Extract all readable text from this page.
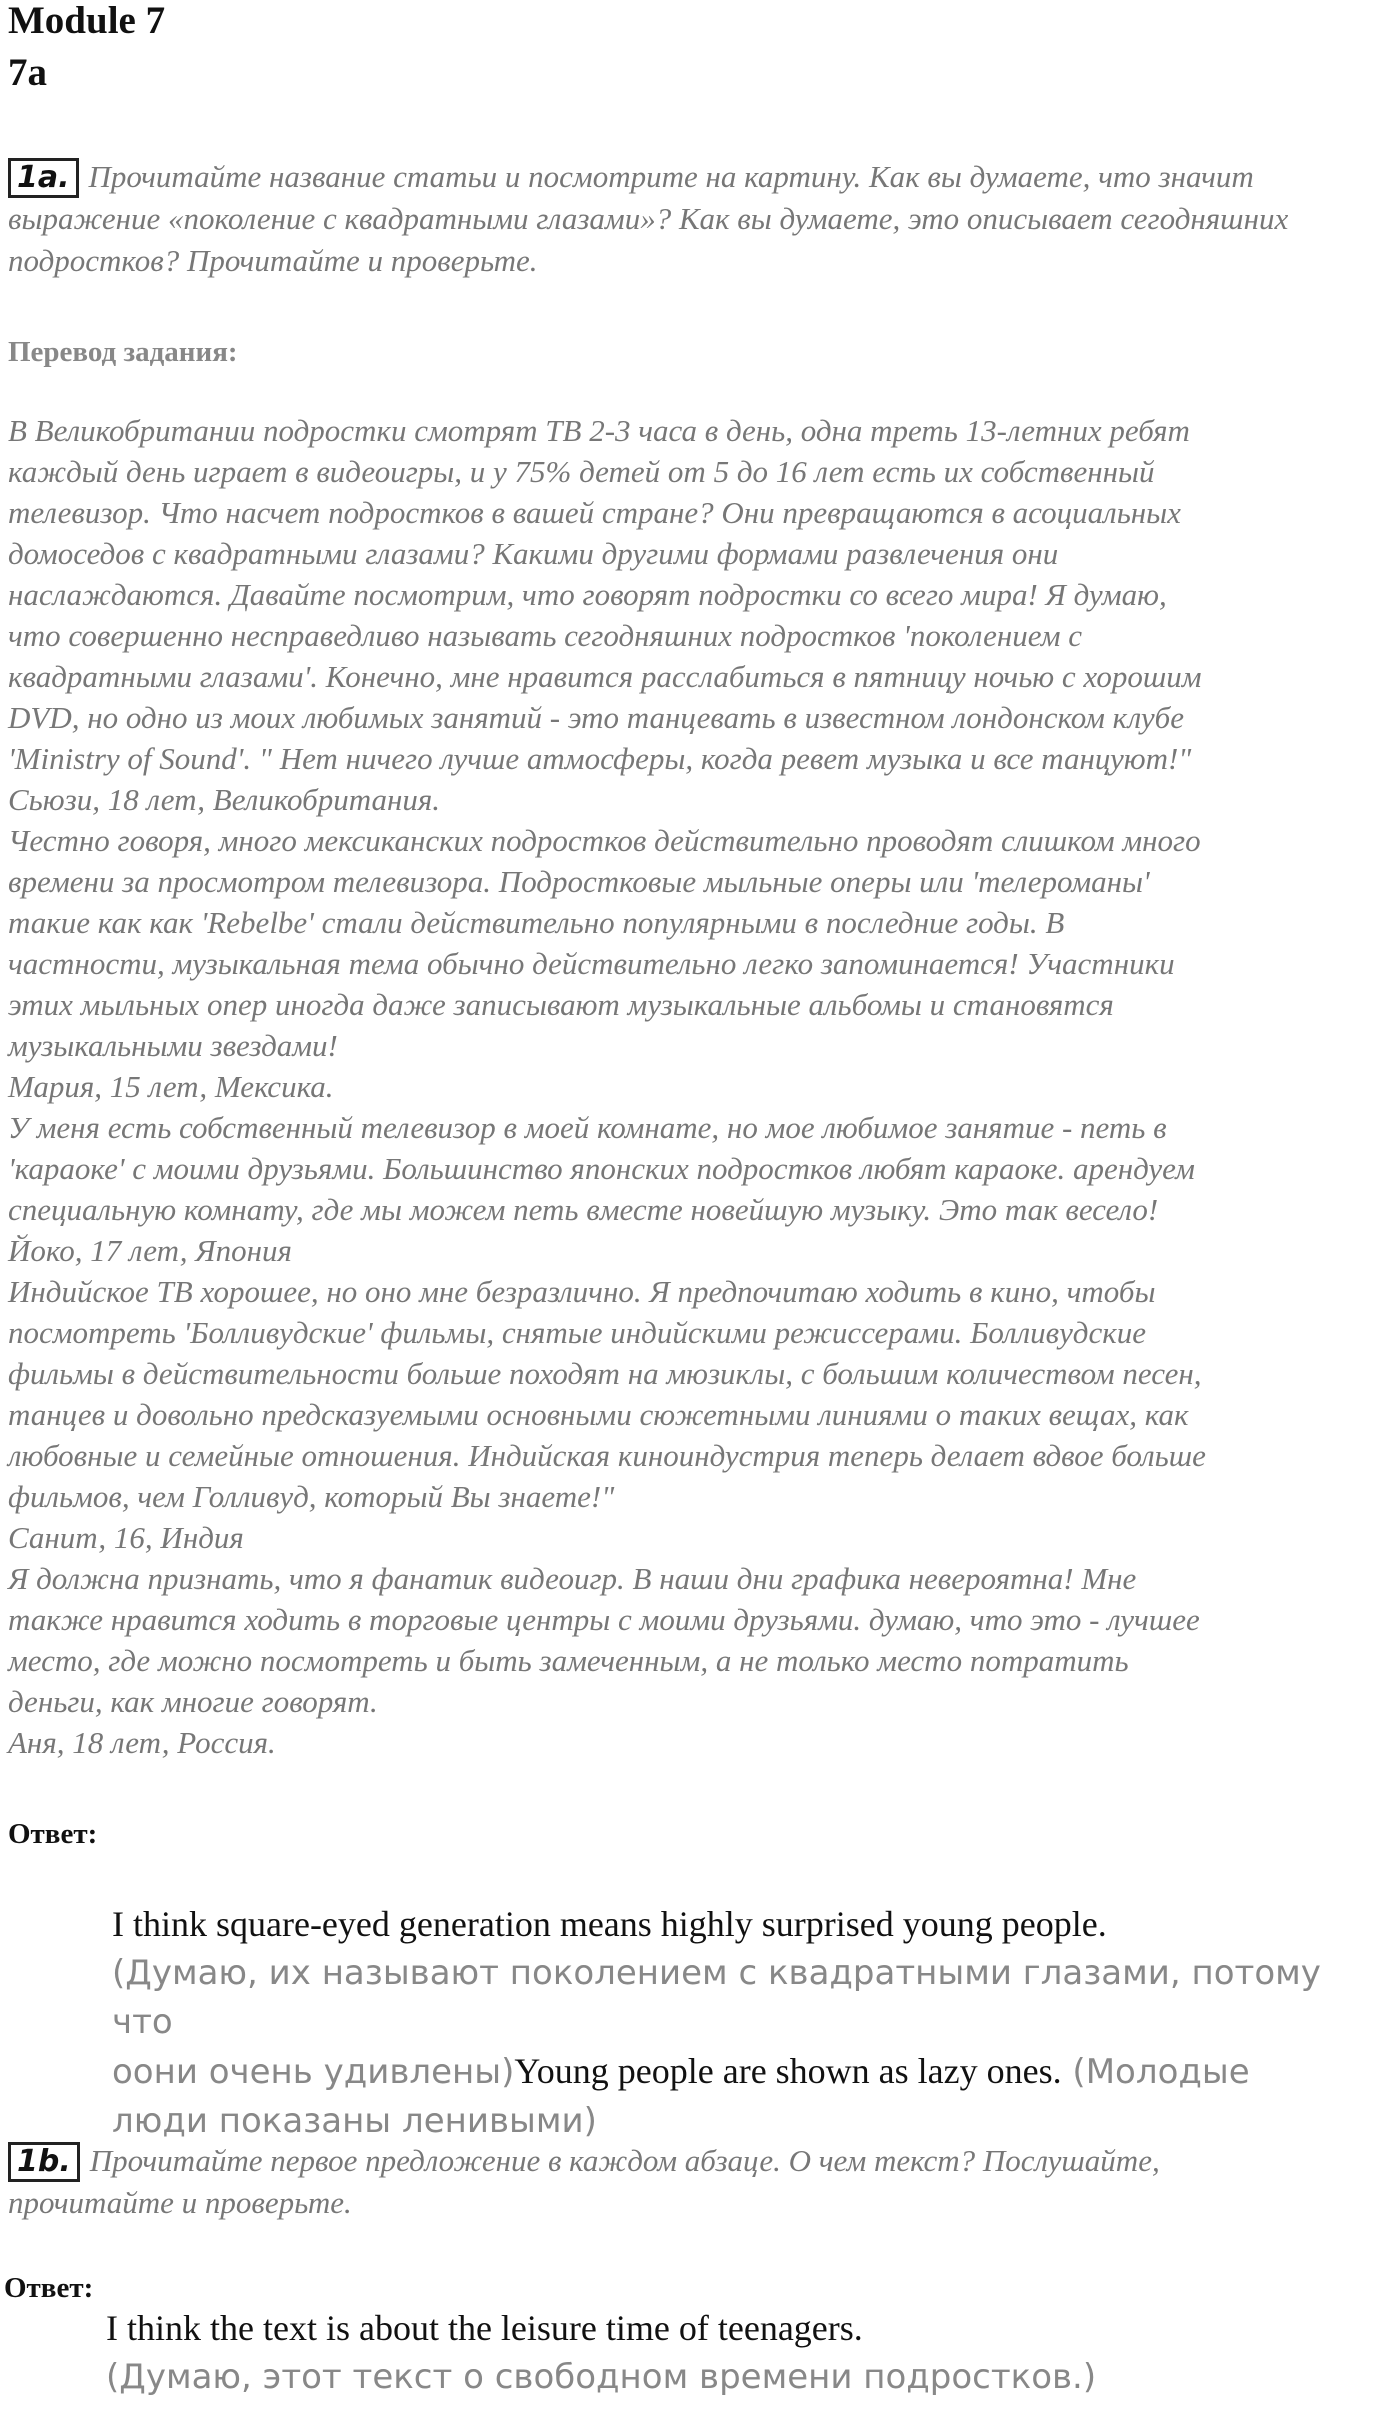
Module 7
7a
1a. Прочитайте название статьи и посмотрите на картину. Как вы думаете, что значит выражение «поколение с квадратными глазами»? Как вы думаете, это описывает сегодняшних подростков? Прочитайте и проверьте.
Перевод задания:

В Великобритании подростки смотрят ТВ 2-3 часа в день, одна треть 13-летних ребят

каждый день играет в видеоигры, и у 75% детей от 5 до 16 лет есть их собственный

телевизор. Что насчет подростков в вашей стране? Они превращаются в асоциальных

домоседов с квадратными глазами? Какими другими формами развлечения они

наслаждаются. Давайте посмотрим, что говорят подростки со всего мира! Я думаю,

что совершенно несправедливо называть сегодняшних подростков 'поколением с

квадратными глазами'. Конечно, мне нравится расслабиться в пятницу ночью с хорошим

DVD, но одно из моих любимых занятий - это танцевать в известном лондонском клубе

'Ministry of Sound'. " Нет ничего лучше атмосферы, когда ревет музыка и все танцуют!"

Сьюзи, 18 лет, Великобритания.

Честно говоря, много мексиканских подростков действительно проводят слишком много

времени за просмотром телевизора. Подростковые мыльные оперы или 'телероманы'

такие как как 'Rebelbe' стали действительно популярными в последние годы. В

частности, музыкальная тема обычно действительно легко запоминается! Участники

этих мыльных опер иногда даже записывают музыкальные альбомы и становятся

музыкальными звездами!

Мария, 15 лет, Мексика.

У меня есть собственный телевизор в моей комнате, но мое любимое занятие - петь в

'караоке' с моими друзьями. Большинство японских подростков любят караоке. арендуем

специальную комнату, где мы можем петь вместе новейшую музыку. Это так весело!

Йоко, 17 лет, Япония

Индийское ТВ хорошее, но оно мне безразлично. Я предпочитаю ходить в кино, чтобы

посмотреть 'Болливудские' фильмы, снятые индийскими режиссерами. Болливудские

фильмы в действительности больше походят на мюзиклы, с большим количеством песен,

танцев и довольно предсказуемыми основными сюжетными линиями о таких вещах, как

любовные и семейные отношения. Индийская киноиндустрия теперь делает вдвое больше

фильмов, чем Голливуд, который Вы знаете!"

Санит, 16, Индия

Я должна признать, что я фанатик видеоигр. В наши дни графика невероятна! Мне

также нравится ходить в торговые центры с моими друзьями. думаю, что это - лучшее

место, где можно посмотреть и быть замеченным, а не только место потратить

деньги, как многие говорят.

Аня, 18 лет, Россия.

Ответ:
I think square-eyed generation means highly surprised young people.
(Думаю, их называют поколением с квадратными глазами, потому что
оони очень удивлены)Young people are shown as lazy ones. (Молодые
люди показаны ленивыми)
1b. Прочитайте первое предложение в каждом абзаце. О чем текст? Послушайте,
прочитайте и проверьте.
Ответ:
I think the text is about the leisure time of teenagers.
(Думаю, этот текст о свободном времени подростков.)
